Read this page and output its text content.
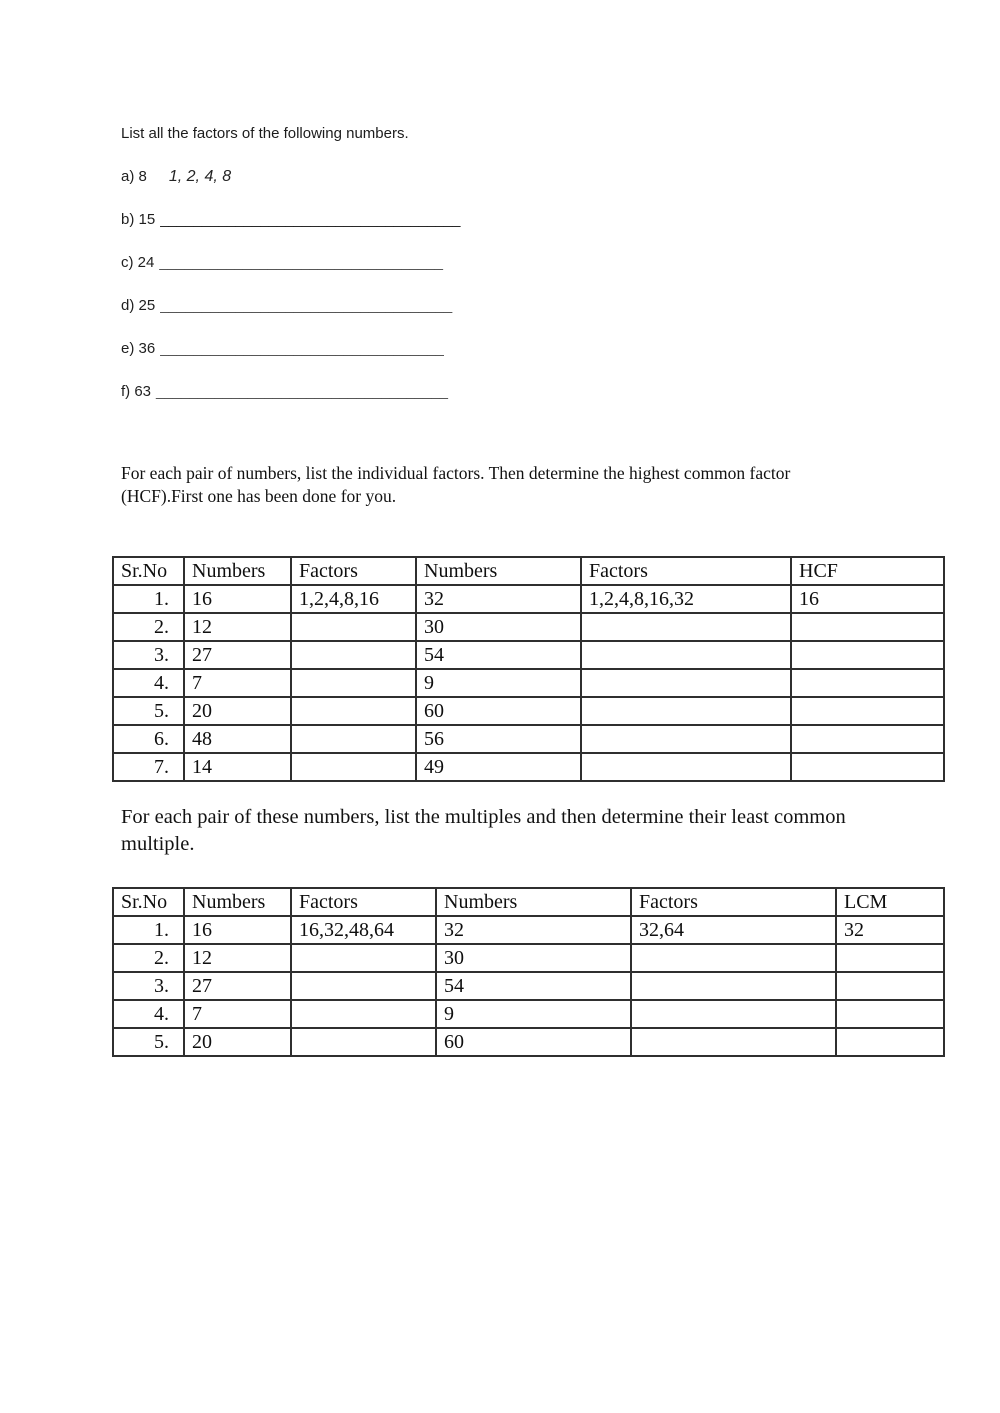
List all the factors of the following numbers.
a) 8 1, 2, 4, 8
b) 15 ____________________________________
c) 24 __________________________________
d) 25 ___________________________________
e) 36 __________________________________
f) 63 ___________________________________
For each pair of numbers, list the individual factors. Then determine the highest common factor (HCF).First one has been done for you.
Sr.No	Numbers	Factors	Numbers	Factors	HCF
1.	16	1,2,4,8,16	32	1,2,4,8,16,32	16
2.	12		30		
3.	27		54		
4.	7		9		
5.	20		60		
6.	48		56		
7.	14		49		
For each pair of these numbers, list the multiples and then determine their least common multiple.
Sr.No	Numbers	Factors	Numbers	Factors	LCM
1.	16	16,32,48,64	32	32,64	32
2.	12		30		
3.	27		54		
4.	7		9		
5.	20		60		
